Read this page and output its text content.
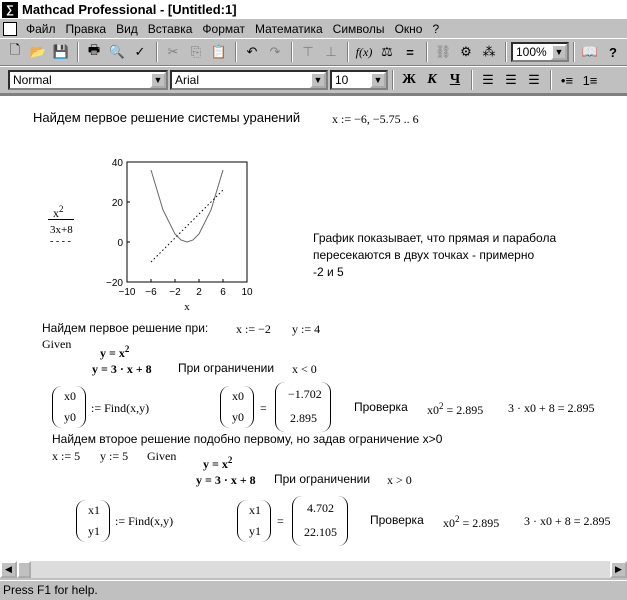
∑ Mathcad Professional - [Untitled:1]
Файл Правка Вид Вставка Формат Математика Символы Окно ?
🗋 📂 💾	🖶 🔍 ✓	✂ ⎘ 📋	↶ ↷	⊤ ⊥	f(x) ⚖	=	⛓ ⚙ ⁂	100% ▼ 📖 ?
Normal	▼ Arial	▼ 10	▼ Ж К Ч	☰ ☰ ☰	•≡ 1≡
Найдем первое решение системы уранений	x := −6, −5.75 .. 6
$x^2$
3x+8
- - - -
−10 −6 −2 2 6 10
40
20
0
−20
x
График показывает, что прямая и парабола
пересекаются в двух точках - примерно
-2 и 5
Найдем первое решение при: x := −2 y := 4
Given
$y = x^2$
y = 3 · x + 8 При ограничении x < 0
x0
y0
:= Find(x,y)
x0
y0
=
−1.702
2.895
Проверка $x0^2 = 2.895$ 3 · x0 + 8 = 2.895
Найдем второе решение подобно первому, но задав ограничение x>0
x := 5 y := 5 Given
$y = x^2$
y = 3 · x + 8 При ограничении x > 0
x1
y1
:= Find(x,y)
x1
y1
=
4.702
22.105
Проверка $x0^2 = 2.895$ 3 · x0 + 8 = 2.895
◀	▶
Press F1 for help.
